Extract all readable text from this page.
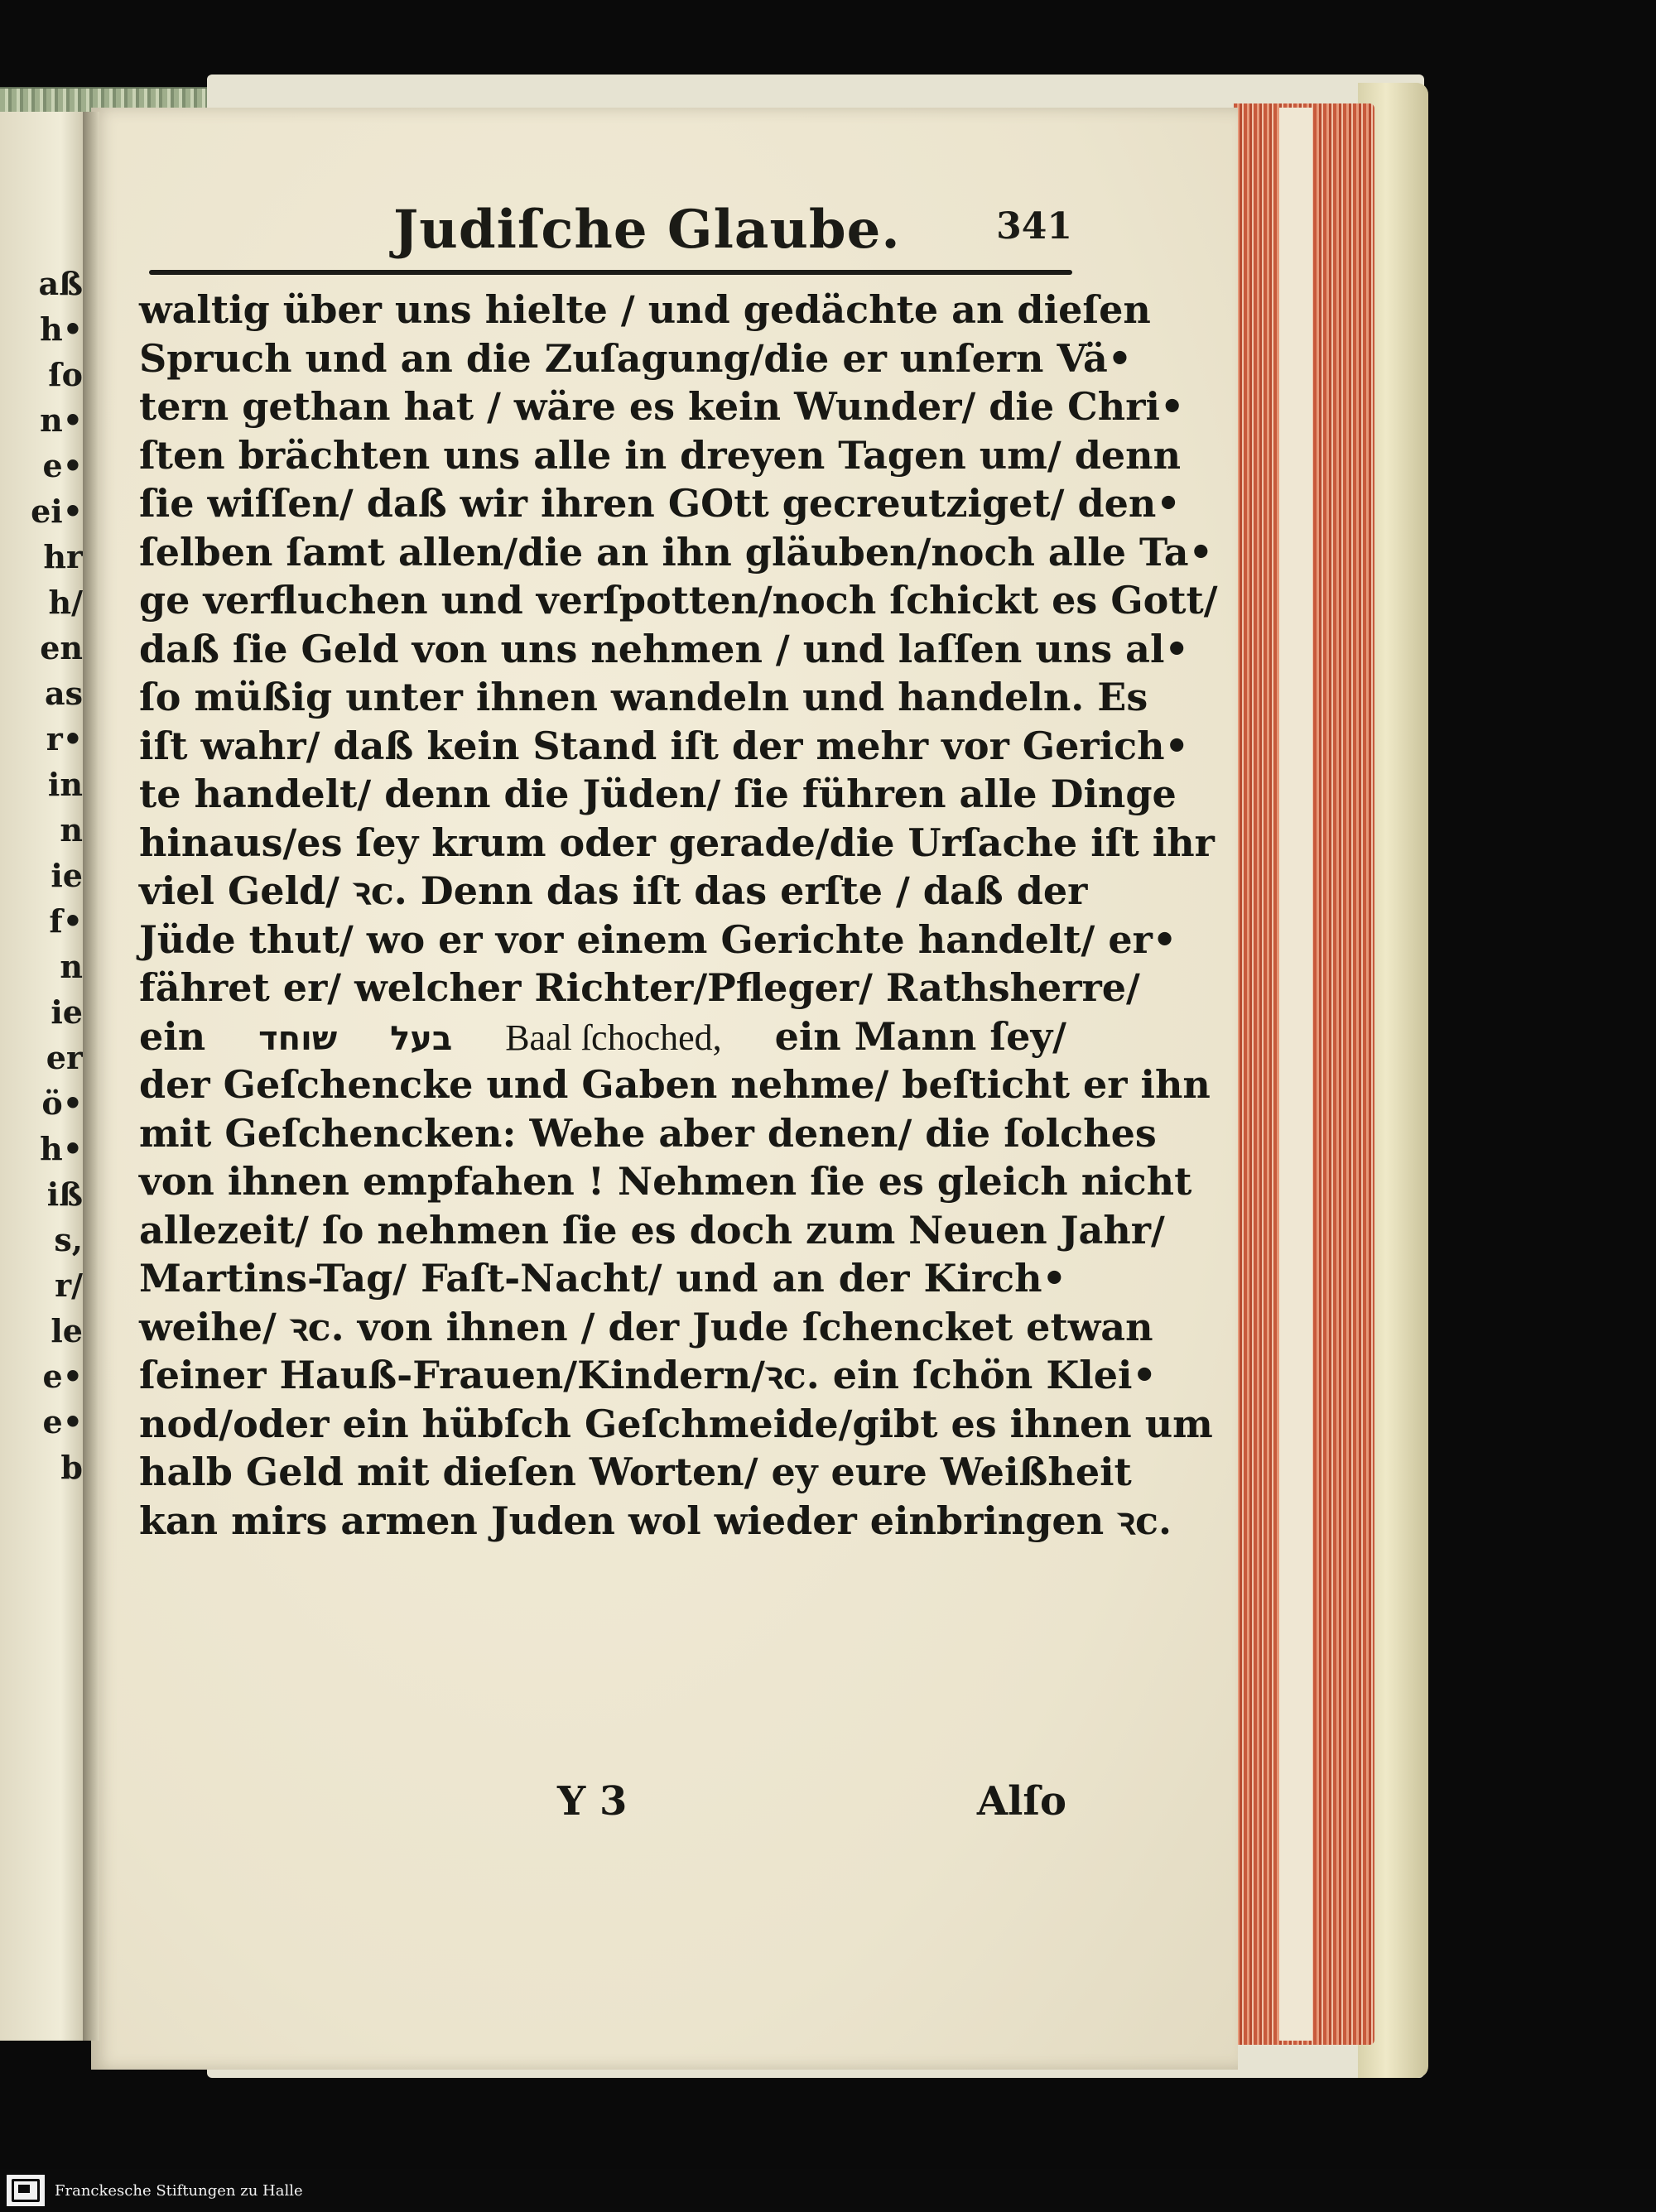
aß
h•
ſo
n•
e•
ei•
hr
h/
en
as
r•
in
n
ie
f•
n
ie
er
ö•
h•
iß
s,
r/
le
e•
e•
b
Judiſche Glaube.	341
waltig über uns hielte / und gedächte an dieſen
Spruch und an die Zuſagung/die er unſern Vä•
tern gethan hat / wäre es kein Wunder/ die Chri•
ſten brächten uns alle in dreyen Tagen um/ denn
ſie wiſſen/ daß wir ihren GOtt gecreutziget/ den•
ſelben ſamt allen/die an ihn gläuben/noch alle Ta•
ge verfluchen und verſpotten/noch ſchickt es Gott/
daß ſie Geld von uns nehmen / und laſſen uns al•
ſo müßig unter ihnen wandeln und handeln. Es
iſt wahr/ daß kein Stand iſt der mehr vor Gerich•
te handelt/ denn die Jüden/ ſie führen alle Dinge
hinaus/es ſey krum oder gerade/die Urſache iſt ihr
viel Geld/ ꝛc. Denn das iſt das erſte / daß der
Jüde thut/ wo er vor einem Gerichte handelt/ er•
fähret er/ welcher Richter/Pfleger/ Rathsherre/
ein שוחד בעל Baal ſchoched, ein Mann ſey/
der Geſchencke und Gaben nehme/ beſticht er ihn
mit Geſchencken: Wehe aber denen/ die ſolches
von ihnen empfahen ! Nehmen ſie es gleich nicht
allezeit/ ſo nehmen ſie es doch zum Neuen Jahr/
Martins-Tag/ Faſt-Nacht/ und an der Kirch•
weihe/ ꝛc. von ihnen / der Jude ſchencket etwan
ſeiner Hauß-Frauen/Kindern/ꝛc. ein ſchön Klei•
nod/oder ein hübſch Geſchmeide/gibt es ihnen um
halb Geld mit dieſen Worten/ ey eure Weißheit
kan mirs armen Juden wol wieder einbringen ꝛc.
Y 3	Alſo
Franckesche Stiftungen zu Halle
